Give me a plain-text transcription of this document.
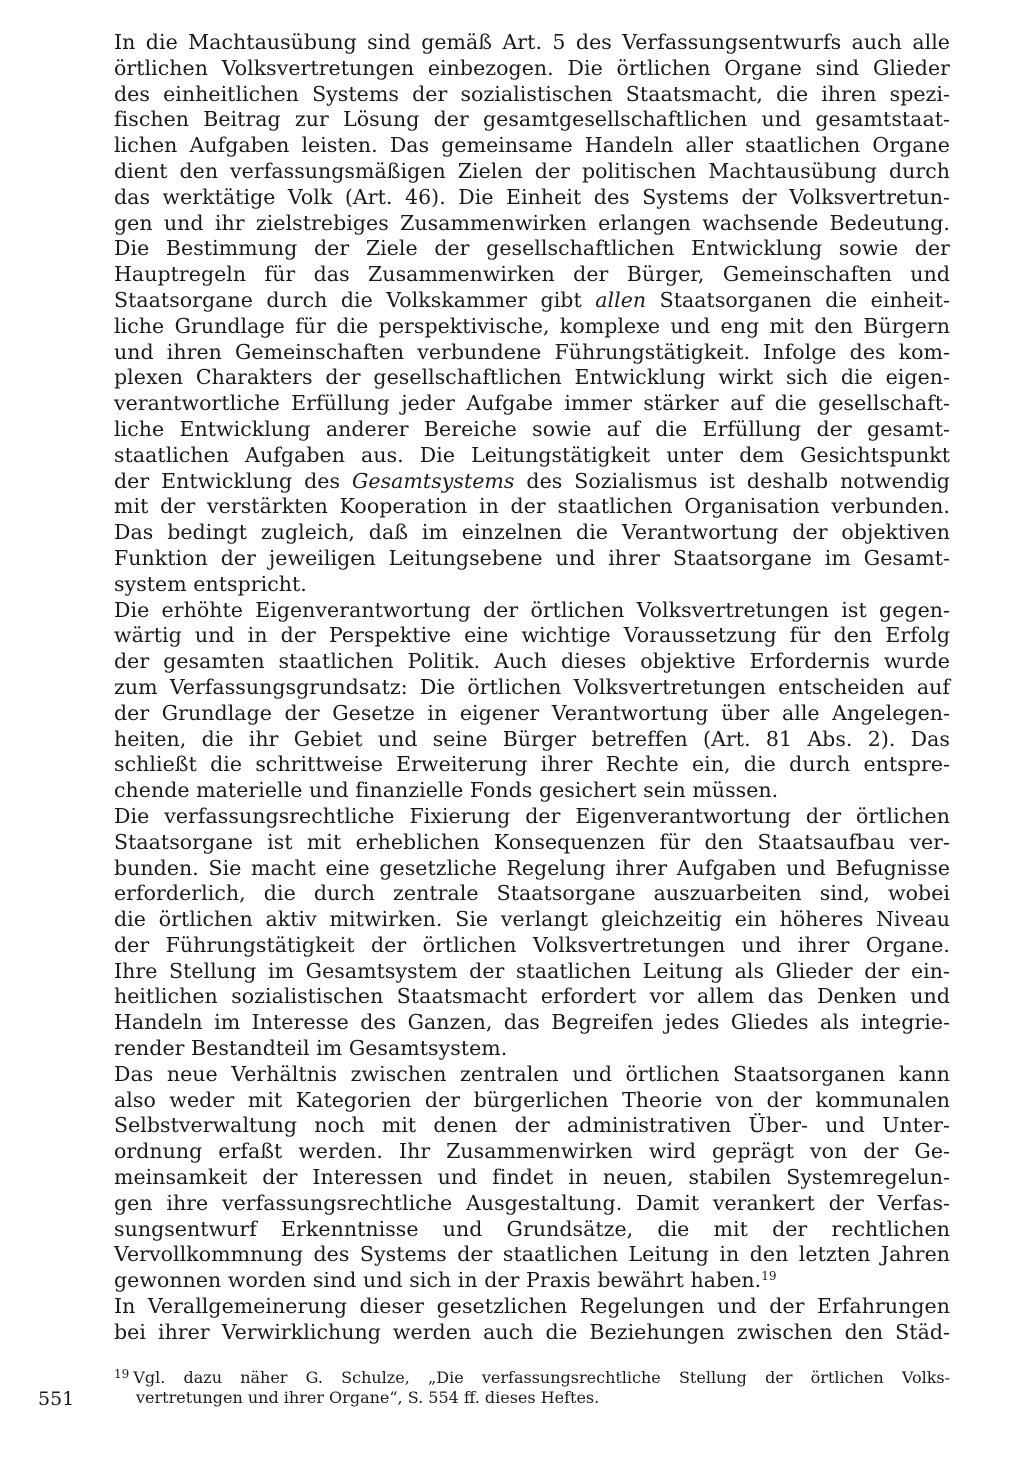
In die Machtausübung sind gemäß Art. 5 des Verfassungsentwurfs auch alle
örtlichen Volksvertretungen einbezogen. Die örtlichen Organe sind Glieder
des einheitlichen Systems der sozialistischen Staatsmacht, die ihren spezi-
fischen Beitrag zur Lösung der gesamtgesellschaftlichen und gesamtstaat-
lichen Aufgaben leisten. Das gemeinsame Handeln aller staatlichen Organe
dient den verfassungsmäßigen Zielen der politischen Machtausübung durch
das werktätige Volk (Art. 46). Die Einheit des Systems der Volksvertretun-
gen und ihr zielstrebiges Zusammenwirken erlangen wachsende Bedeutung.
Die Bestimmung der Ziele der gesellschaftlichen Entwicklung sowie der
Hauptregeln für das Zusammenwirken der Bürger, Gemeinschaften und
Staatsorgane durch die Volkskammer gibt allen Staatsorganen die einheit-
liche Grundlage für die perspektivische, komplexe und eng mit den Bürgern
und ihren Gemeinschaften verbundene Führungstätigkeit. Infolge des kom-
plexen Charakters der gesellschaftlichen Entwicklung wirkt sich die eigen-
verantwortliche Erfüllung jeder Aufgabe immer stärker auf die gesellschaft-
liche Entwicklung anderer Bereiche sowie auf die Erfüllung der gesamt-
staatlichen Aufgaben aus. Die Leitungstätigkeit unter dem Gesichtspunkt
der Entwicklung des Gesamtsystems des Sozialismus ist deshalb notwendig
mit der verstärkten Kooperation in der staatlichen Organisation verbunden.
Das bedingt zugleich, daß im einzelnen die Verantwortung der objektiven
Funktion der jeweiligen Leitungsebene und ihrer Staatsorgane im Gesamt-
system entspricht.
Die erhöhte Eigenverantwortung der örtlichen Volksvertretungen ist gegen-
wärtig und in der Perspektive eine wichtige Voraussetzung für den Erfolg
der gesamten staatlichen Politik. Auch dieses objektive Erfordernis wurde
zum Verfassungsgrundsatz: Die örtlichen Volksvertretungen entscheiden auf
der Grundlage der Gesetze in eigener Verantwortung über alle Angelegen-
heiten, die ihr Gebiet und seine Bürger betreffen (Art. 81 Abs. 2). Das
schließt die schrittweise Erweiterung ihrer Rechte ein, die durch entspre-
chende materielle und finanzielle Fonds gesichert sein müssen.
Die verfassungsrechtliche Fixierung der Eigenverantwortung der örtlichen
Staatsorgane ist mit erheblichen Konsequenzen für den Staatsaufbau ver-
bunden. Sie macht eine gesetzliche Regelung ihrer Aufgaben und Befugnisse
erforderlich, die durch zentrale Staatsorgane auszuarbeiten sind, wobei
die örtlichen aktiv mitwirken. Sie verlangt gleichzeitig ein höheres Niveau
der Führungstätigkeit der örtlichen Volksvertretungen und ihrer Organe.
Ihre Stellung im Gesamtsystem der staatlichen Leitung als Glieder der ein-
heitlichen sozialistischen Staatsmacht erfordert vor allem das Denken und
Handeln im Interesse des Ganzen, das Begreifen jedes Gliedes als integrie-
render Bestandteil im Gesamtsystem.
Das neue Verhältnis zwischen zentralen und örtlichen Staatsorganen kann
also weder mit Kategorien der bürgerlichen Theorie von der kommunalen
Selbstverwaltung noch mit denen der administrativen Über- und Unter-
ordnung erfaßt werden. Ihr Zusammenwirken wird geprägt von der Ge-
meinsamkeit der Interessen und findet in neuen, stabilen Systemregelun-
gen ihre verfassungsrechtliche Ausgestaltung. Damit verankert der Verfas-
sungsentwurf Erkenntnisse und Grundsätze, die mit der rechtlichen
Vervollkommnung des Systems der staatlichen Leitung in den letzten Jahren
gewonnen worden sind und sich in der Praxis bewährt haben.$^{19}$
In Verallgemeinerung dieser gesetzlichen Regelungen und der Erfahrungen
bei ihrer Verwirklichung werden auch die Beziehungen zwischen den Städ-
$^{19}$ Vgl. dazu näher G. Schulze, „Die verfassungsrechtliche Stellung der örtlichen Volks-
vertretungen und ihrer Organe“, S. 554 ff. dieses Heftes.
551
